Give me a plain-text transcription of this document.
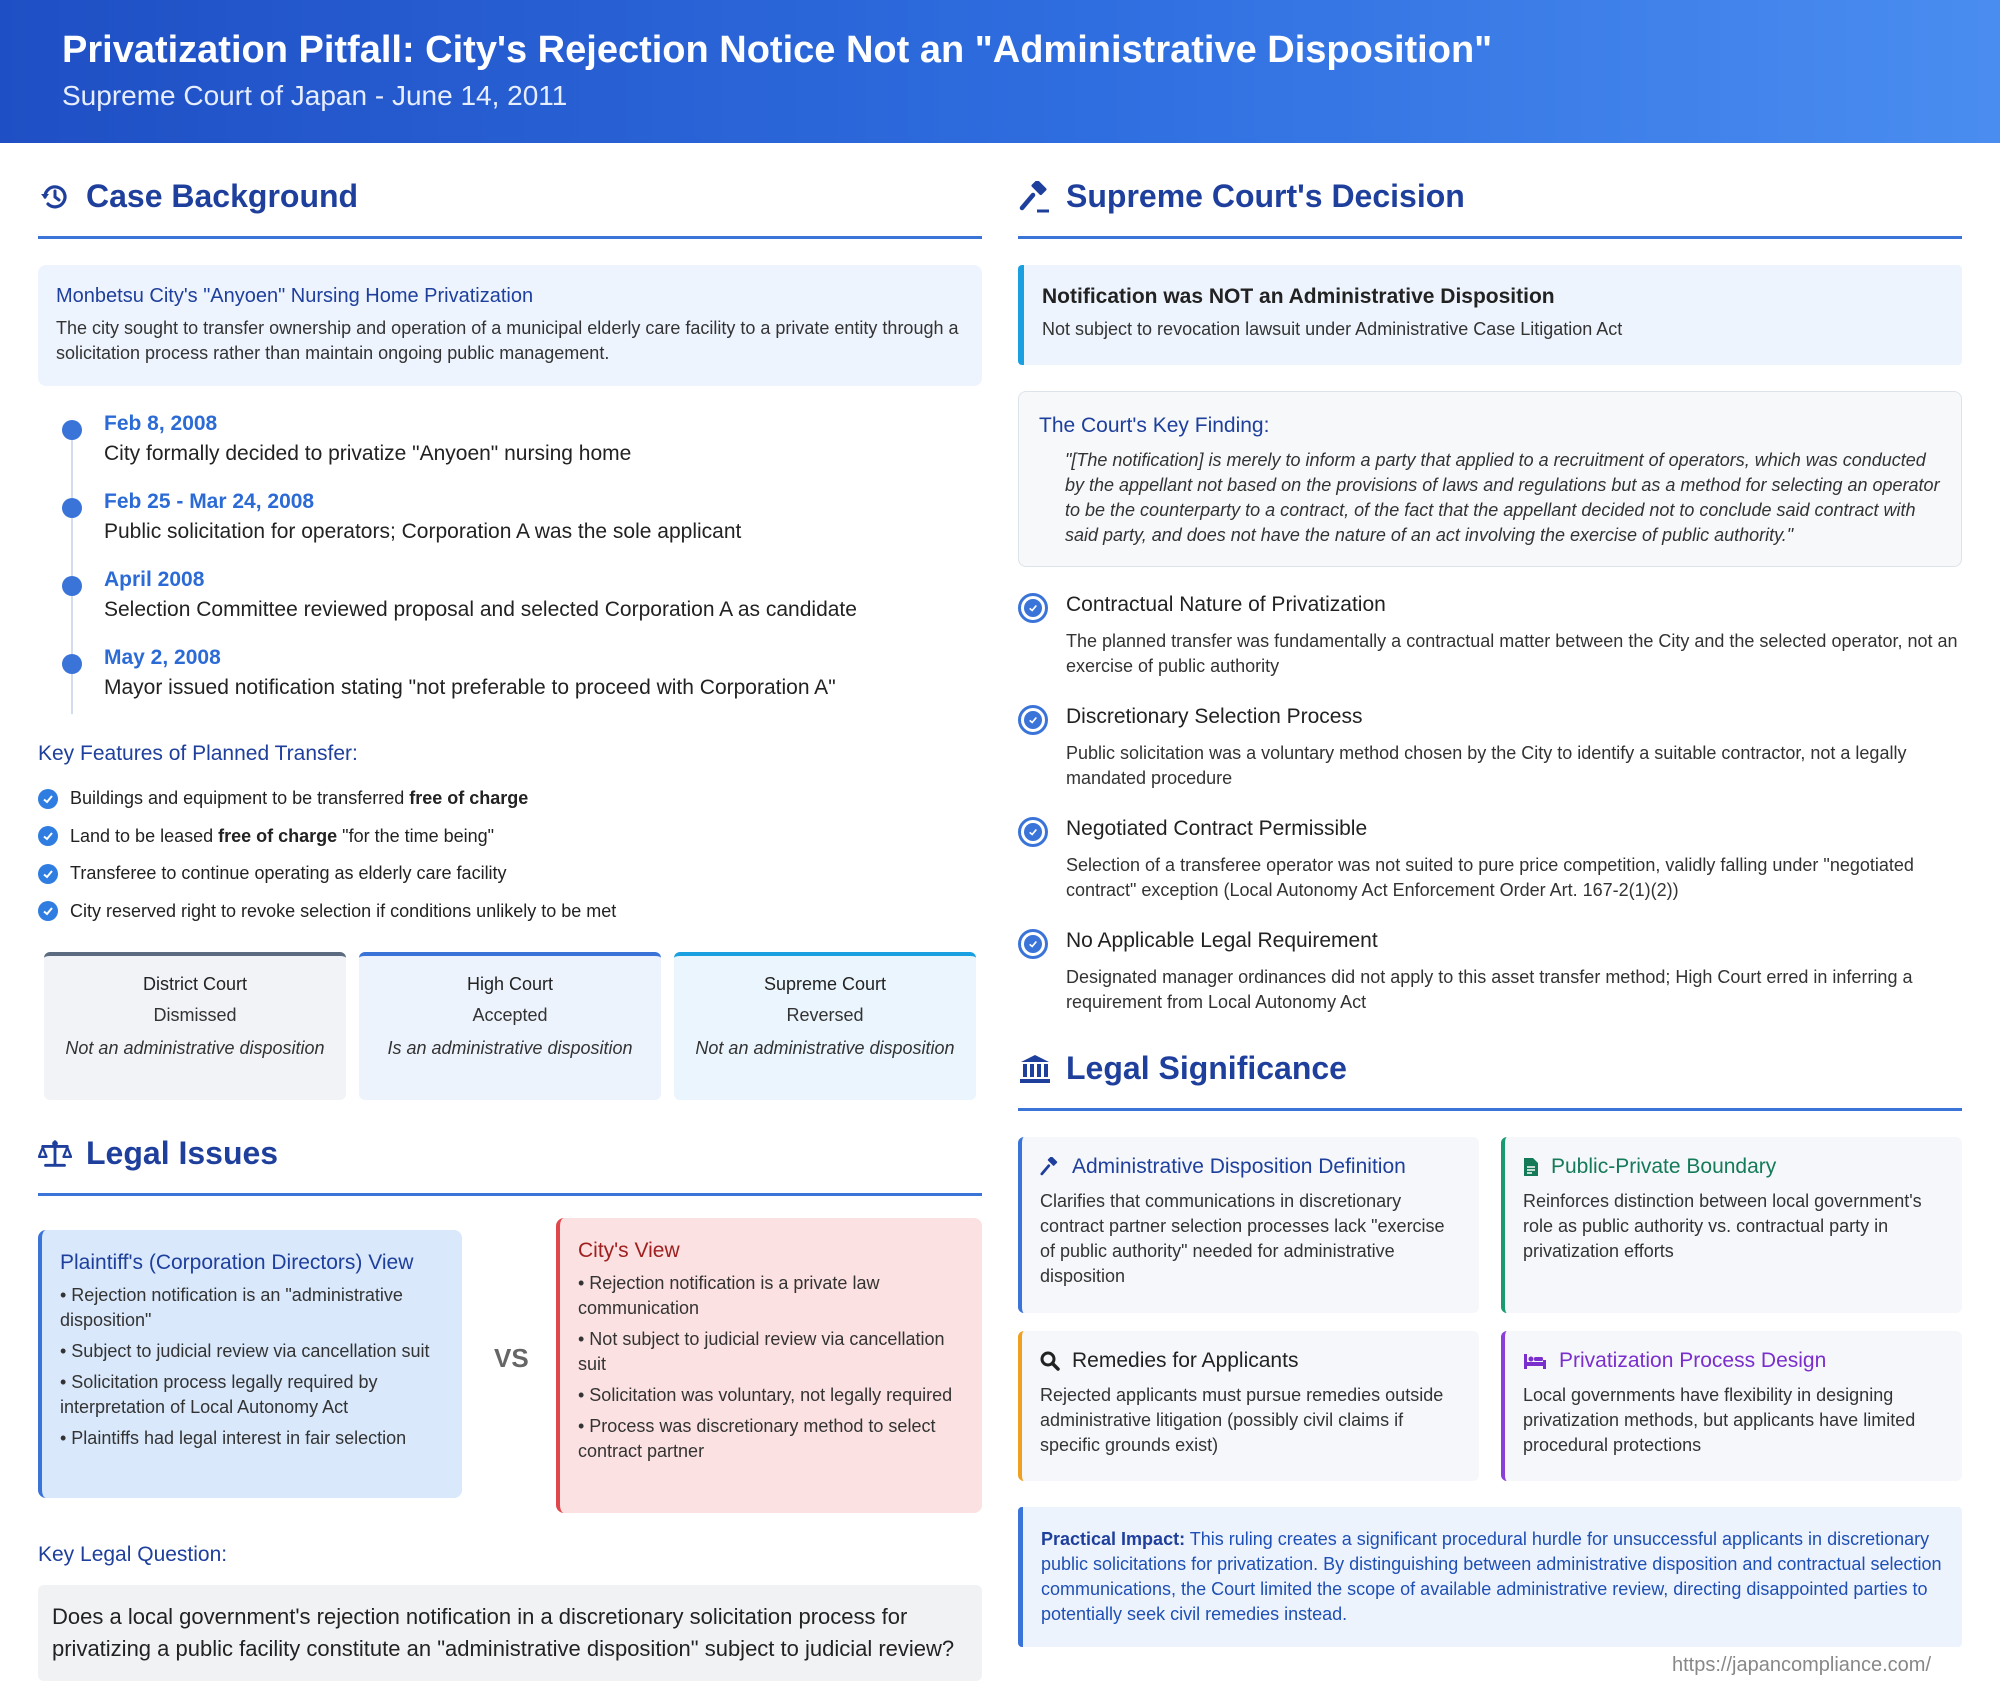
Privatization Pitfall: City's Rejection Notice Not an "Administrative Disposition"
Supreme Court of Japan - June 14, 2011
Case Background
Monbetsu City's "Anyoen" Nursing Home Privatization

The city sought to transfer ownership and operation of a municipal elderly care facility to a private entity through a solicitation process rather than maintain ongoing public management.

Feb 8, 2008
City formally decided to privatize "Anyoen" nursing home
Feb 25 - Mar 24, 2008
Public solicitation for operators; Corporation A was the sole applicant
April 2008
Selection Committee reviewed proposal and selected Corporation A as candidate
May 2, 2008
Mayor issued notification stating "not preferable to proceed with Corporation A"
Key Features of Planned Transfer:
Buildings and equipment to be transferred free of charge
Land to be leased free of charge "for the time being"
Transferee to continue operating as elderly care facility
City reserved right to revoke selection if conditions unlikely to be met
District Court
Dismissed
Not an administrative disposition
High Court
Accepted
Is an administrative disposition
Supreme Court
Reversed
Not an administrative disposition
Legal Issues
Plaintiff's (Corporation Directors) View
• Rejection notification is an "administrative disposition"
• Subject to judicial review via cancellation suit
• Solicitation process legally required by interpretation of Local Autonomy Act
• Plaintiffs had legal interest in fair selection
VS
City's View
• Rejection notification is a private law communication
• Not subject to judicial review via cancellation suit
• Solicitation was voluntary, not legally required
• Process was discretionary method to select contract partner
Key Legal Question:
Does a local government's rejection notification in a discretionary solicitation process for privatizing a public facility constitute an "administrative disposition" subject to judicial review?
Supreme Court's Decision
Notification was NOT an Administrative Disposition

Not subject to revocation lawsuit under Administrative Case Litigation Act

The Court's Key Finding:

"[The notification] is merely to inform a party that applied to a recruitment of operators, which was conducted by the appellant not based on the provisions of laws and regulations but as a method for selecting an operator to be the counterparty to a contract, of the fact that the appellant decided not to conclude said contract with said party, and does not have the nature of an act involving the exercise of public authority."

Contractual Nature of Privatization

The planned transfer was fundamentally a contractual matter between the City and the selected operator, not an exercise of public authority

Discretionary Selection Process

Public solicitation was a voluntary method chosen by the City to identify a suitable contractor, not a legally mandated procedure

Negotiated Contract Permissible

Selection of a transferee operator was not suited to pure price competition, validly falling under "negotiated contract" exception (Local Autonomy Act Enforcement Order Art. 167-2(1)(2))

No Applicable Legal Requirement

Designated manager ordinances did not apply to this asset transfer method; High Court erred in inferring a requirement from Local Autonomy Act

Legal Significance
Administrative Disposition Definition

Clarifies that communications in discretionary contract partner selection processes lack "exercise of public authority" needed for administrative disposition

Public-Private Boundary

Reinforces distinction between local government's role as public authority vs. contractual party in privatization efforts

Remedies for Applicants

Rejected applicants must pursue remedies outside administrative litigation (possibly civil claims if specific grounds exist)

Privatization Process Design

Local governments have flexibility in designing privatization methods, but applicants have limited procedural protections

Practical Impact: This ruling creates a significant procedural hurdle for unsuccessful applicants in discretionary public solicitations for privatization. By distinguishing between administrative disposition and contractual selection communications, the Court limited the scope of available administrative review, directing disappointed parties to potentially seek civil remedies instead.
https://japancompliance.com/
